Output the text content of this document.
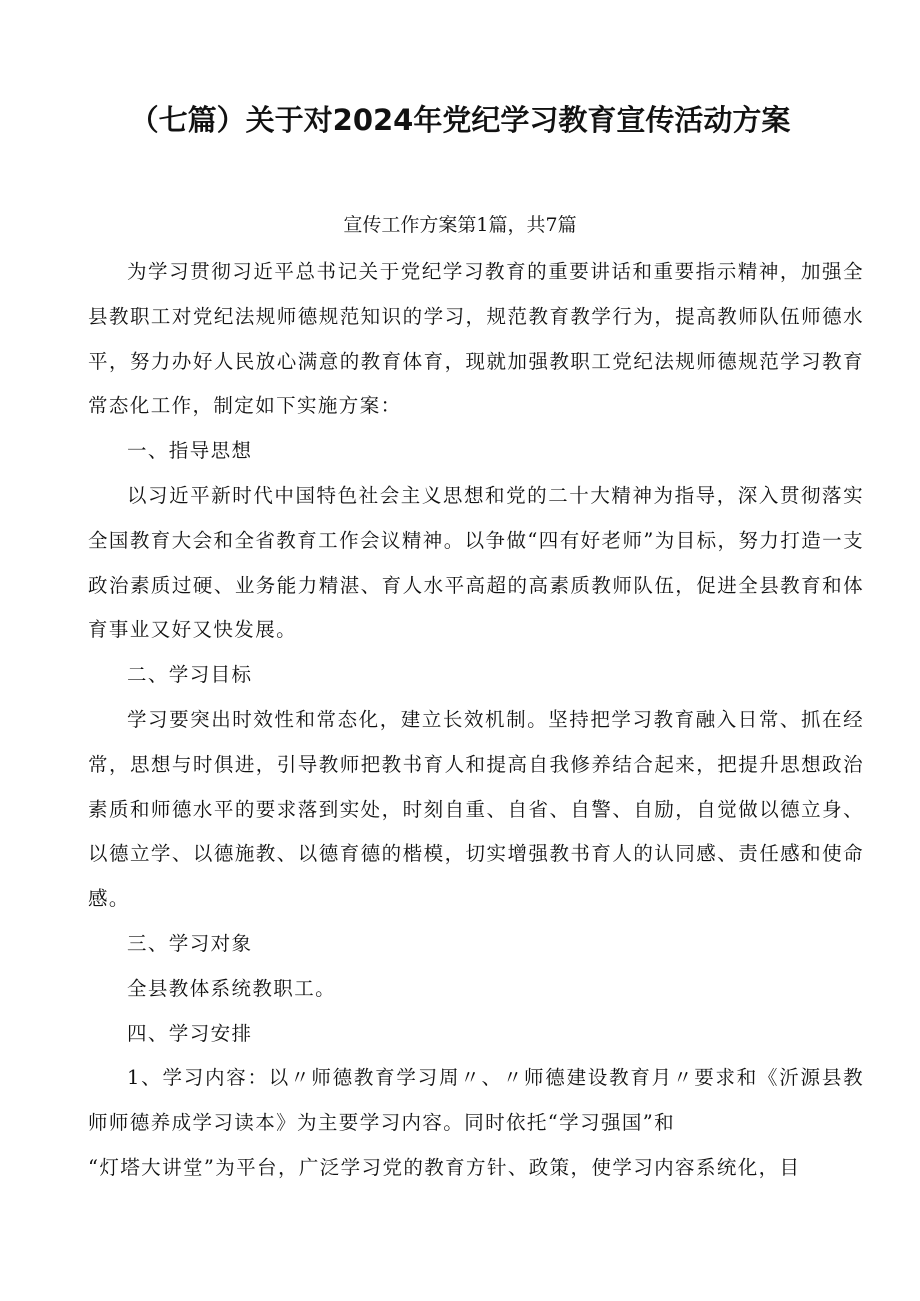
（七篇）关于对2024年党纪学习教育宣传活动方案
宣传工作方案第1篇，共7篇

为学习贯彻习近平总书记关于党纪学习教育的重要讲话和重要指示精神，加强全县教职工对党纪法规师德规范知识的学习，规范教育教学行为，提高教师队伍师德水平，努力办好人民放心满意的教育体育，现就加强教职工党纪法规师德规范学习教育常态化工作，制定如下实施方案：

一、指导思想

以习近平新时代中国特色社会主义思想和党的二十大精神为指导，深入贯彻落实全国教育大会和全省教育工作会议精神。以争做“四有好老师”为目标，努力打造一支政治素质过硬、业务能力精湛、育人水平高超的高素质教师队伍，促进全县教育和体育事业又好又快发展。

二、学习目标

学习要突出时效性和常态化，建立长效机制。坚持把学习教育融入日常、抓在经常，思想与时俱进，引导教师把教书育人和提高自我修养结合起来，把提升思想政治素质和师德水平的要求落到实处，时刻自重、自省、自警、自励，自觉做以德立身、以德立学、以德施教、以德育德的楷模，切实增强教书育人的认同感、责任感和使命感。

三、学习对象

全县教体系统教职工。

四、学习安排

1、学习内容：以〃师德教育学习周〃、〃师德建设教育月〃要求和《沂源县教师师德养成学习读本》为主要学习内容。同时依托“学习强国”和

“灯塔大讲堂”为平台，广泛学习党的教育方针、政策，使学习内容系统化，目
